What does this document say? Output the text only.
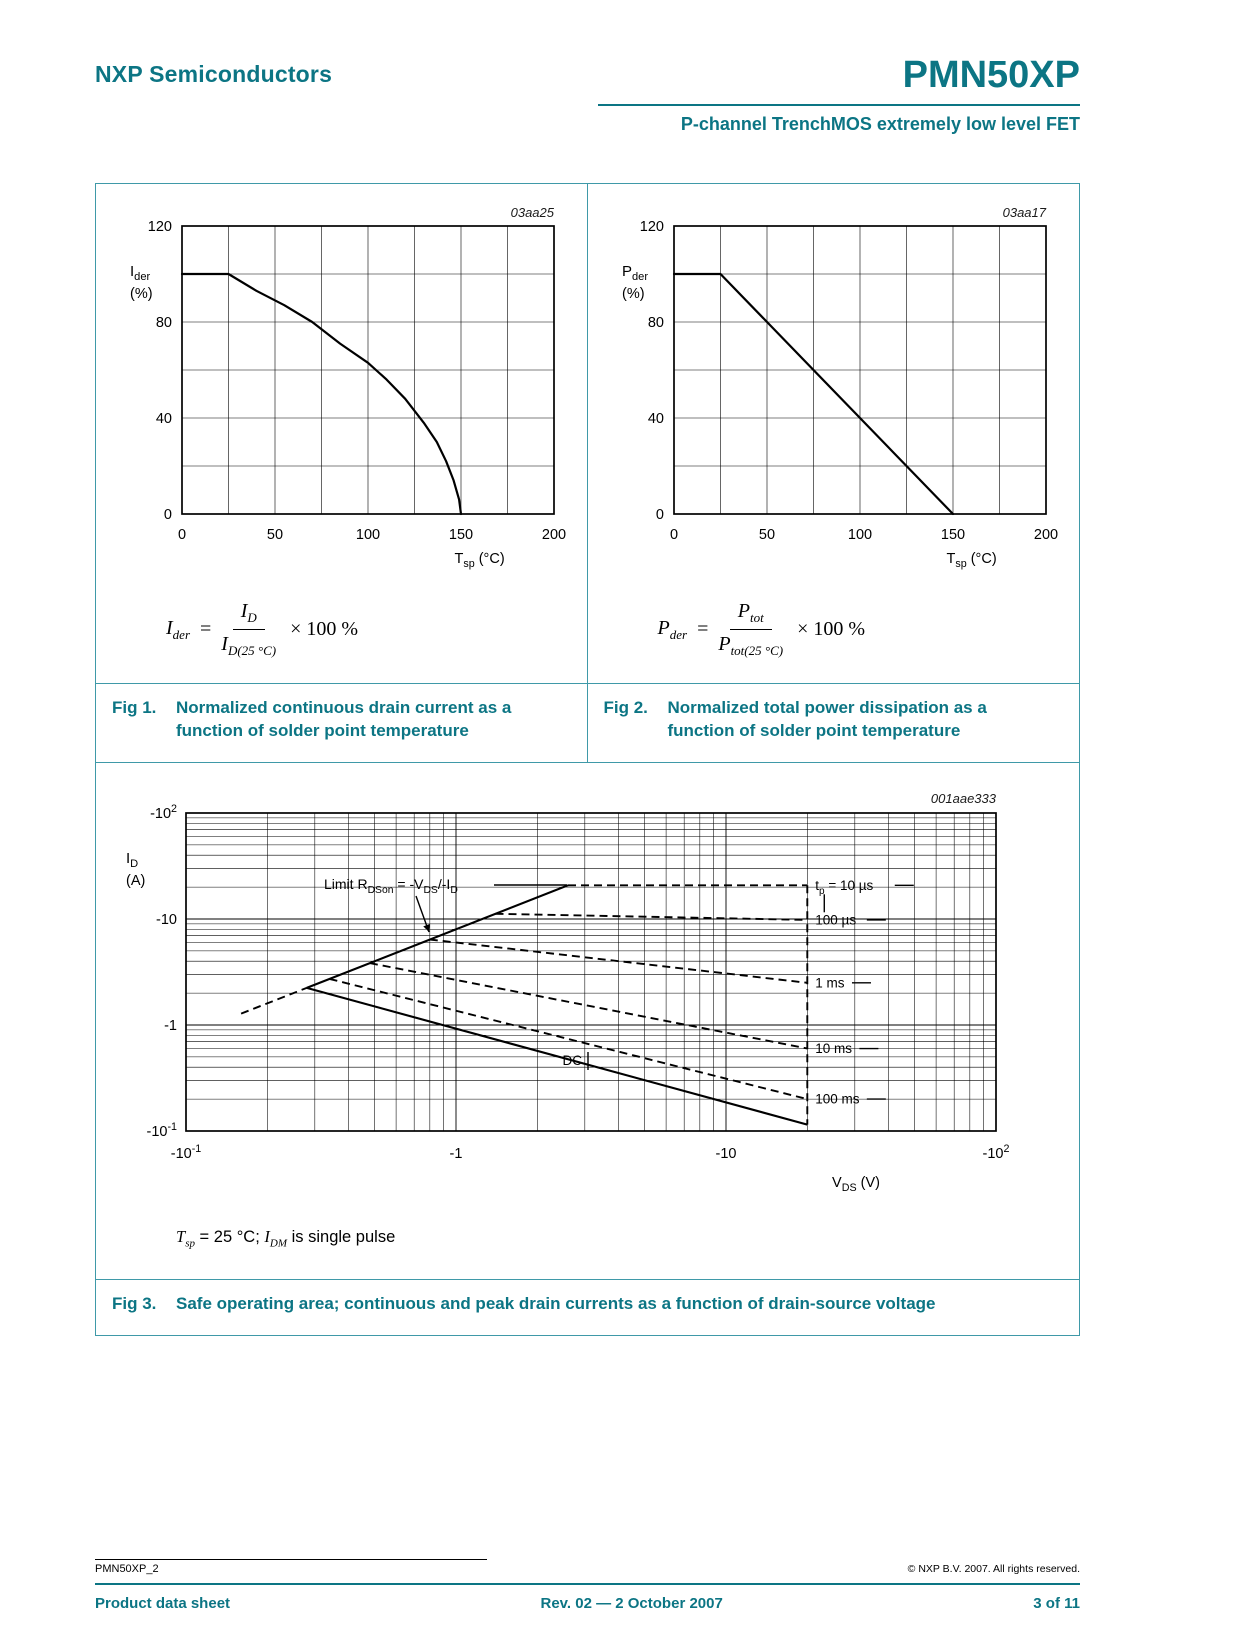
NXP Semiconductors	PMN50XP
P-channel TrenchMOS extremely low level FET
0	50	100	150	200
0
40
80
120
$I_{der}$
(%)
$T_{sp}$ (°C)
03aa25
$I_{der} = \frac{I_D}{I_{D(25 ^\circ C)}} \times 100$ %
Fig 1.	Normalized continuous drain current as a function of solder point temperature
0	50	100	150	200
0
40
80
120
$P_{der}$
(%)
$T_{sp}$ (°C)
03aa17
$P_{der}$ =
$P_{tot}$
$P_{tot(25 ^\circ C)}$
× 100 %
Fig 2.	Normalized total power dissipation as a function of solder point temperature
$-10^{-1}$	-1	-10	$-10^2$
$-10^2$
-10
-1
$-10^{-1}$
$I_D$
(A)
$V_{DS}$ (V)
001aae333
$t_p = 10$ µs
100 µs
1 ms
10 ms
100 ms
Limit $R_{DSon} = -V_{DS}/-I_D$
DC
$T_{sp} = 25$ °C; $I_{DM}$ is single pulse
Fig 3.	Safe operating area; continuous and peak drain currents as a function of drain-source voltage
PMN50XP_2	© NXP B.V. 2007. All rights reserved.
Product data sheet	Rev. 02 — 2 October 2007	3 of 11
